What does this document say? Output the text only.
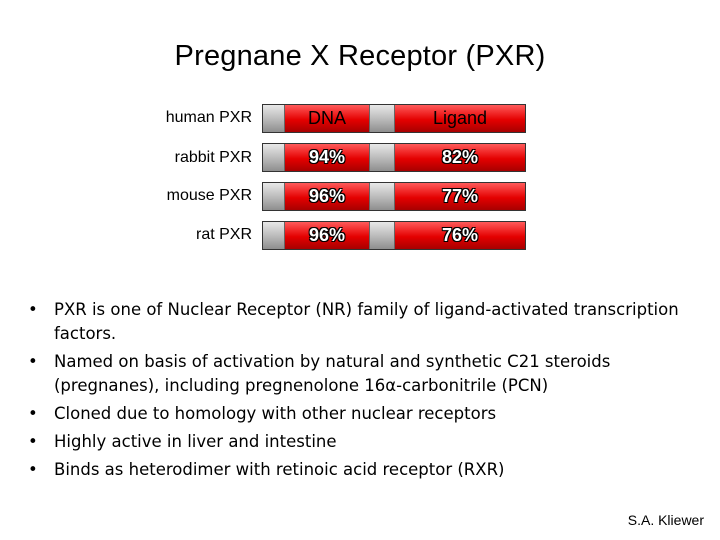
Pregnane X Receptor (PXR)
human PXR	DNA	Ligand
rabbit PXR	94%	82%
mouse PXR	96%	77%
rat PXR	96%	76%
• PXR is one of Nuclear Receptor (NR) family of ligand-activated transcription factors.
• Named on basis of activation by natural and synthetic C21 steroids (pregnanes), including pregnenolone 16α-carbonitrile (PCN)
• Cloned due to homology with other nuclear receptors
• Highly active in liver and intestine
• Binds as heterodimer with retinoic acid receptor (RXR)
S.A. Kliewer
